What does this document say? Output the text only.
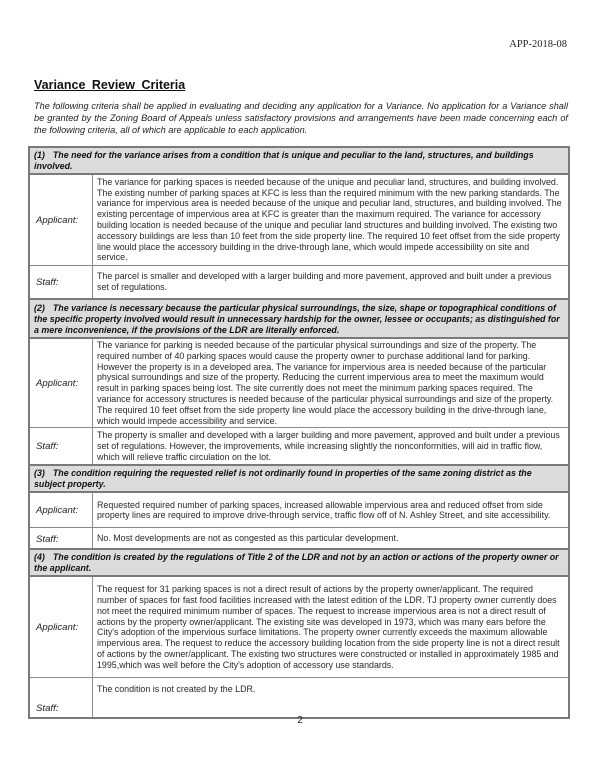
APP-2018-08
Variance Review Criteria
The following criteria shall be applied in evaluating and deciding any application for a Variance. No application for a Variance shall be granted by the Zoning Board of Appeals unless satisfactory provisions and arrangements have been made concerning each of the following criteria, all of which are applicable to each application.
(1) The need for the variance arises from a condition that is unique and peculiar to the land, structures, and buildings involved.	
Applicant:	The variance for parking spaces is needed because of the unique and peculiar land, structures, and building involved. The existing number of parking spaces at KFC is less than the required minimum with the new parking standards. The variance for impervious area is needed because of the unique and peculiar land, structures, and building involved. The existing percentage of impervious area at KFC is greater than the maximum required. The variance for accessory building location is needed because of the unique and peculiar land structures and building involved. The existing two accessory buildings are less than 10 feet from the side property line. The required 10 feet offset from the side property line would place the accessory building in the drive-through lane, which would impede accessibility on site and service.
Staff:	The parcel is smaller and developed with a larger building and more pavement, approved and built under a previous set of regulations.
(2) The variance is necessary because the particular physical surroundings, the size, shape or topographical conditions of the specific property involved would result in unnecessary hardship for the owner, lessee or occupants; as distinguished for a mere inconvenience, if the provisions of the LDR are literally enforced.	
Applicant:	The variance for parking is needed because of the particular physical surroundings and size of the property. The required number of 40 parking spaces would cause the property owner to purchase additional land for parking. However the property is in a developed area. The variance for impervious area is needed because of the particular physical surroundings and size of the property. Reducing the current impervious area to meet the maximum would result in parking spaces being lost. The site currently does not meet the minimum parking spaces required. The variance for accessory structures is needed because of the particular physical surroundings and size of the property. The required 10 feet offset from the side property line would place the accessory building in the drive-through lane, which would impede accessibility and service.
Staff:	The property is smaller and developed with a larger building and more pavement, approved and built under a previous set of regulations. However, the improvements, while increasing slightly the nonconformities, will aid in traffic flow, which will relieve traffic circulation on the lot.
(3) The condition requiring the requested relief is not ordinarily found in properties of the same zoning district as the subject property.	
Applicant:	Requested required number of parking spaces, increased allowable impervious area and reduced offset from side property lines are required to improve drive-through service, traffic flow off of N. Ashley Street, and site accessibility.
Staff:	No. Most developments are not as congested as this particular development.
(4) The condition is created by the regulations of Title 2 of the LDR and not by an action or actions of the property owner or the applicant.	
Applicant:	The request for 31 parking spaces is not a direct result of actions by the property owner/applicant. The required number of spaces for fast food facilities increased with the latest edition of the LDR. TJ property owner currently does not meet the required minimum number of spaces. The request to increase impervious area is not a direct result of actions by the property owner/applicant. The existing site was developed in 1973, which was many ears before the City's adoption of the impervious surface limitations. The property owner currently exceeds the maximum allowable impervious area. The request to reduce the accessory building location from the side property line is not a direct result of actions by the owner/applicant. The existing two structures were constructed or installed in approximately 1985 and 1995,which was well before the City's adoption of accessory use standards.
Staff:	The condition is not created by the LDR.
2
